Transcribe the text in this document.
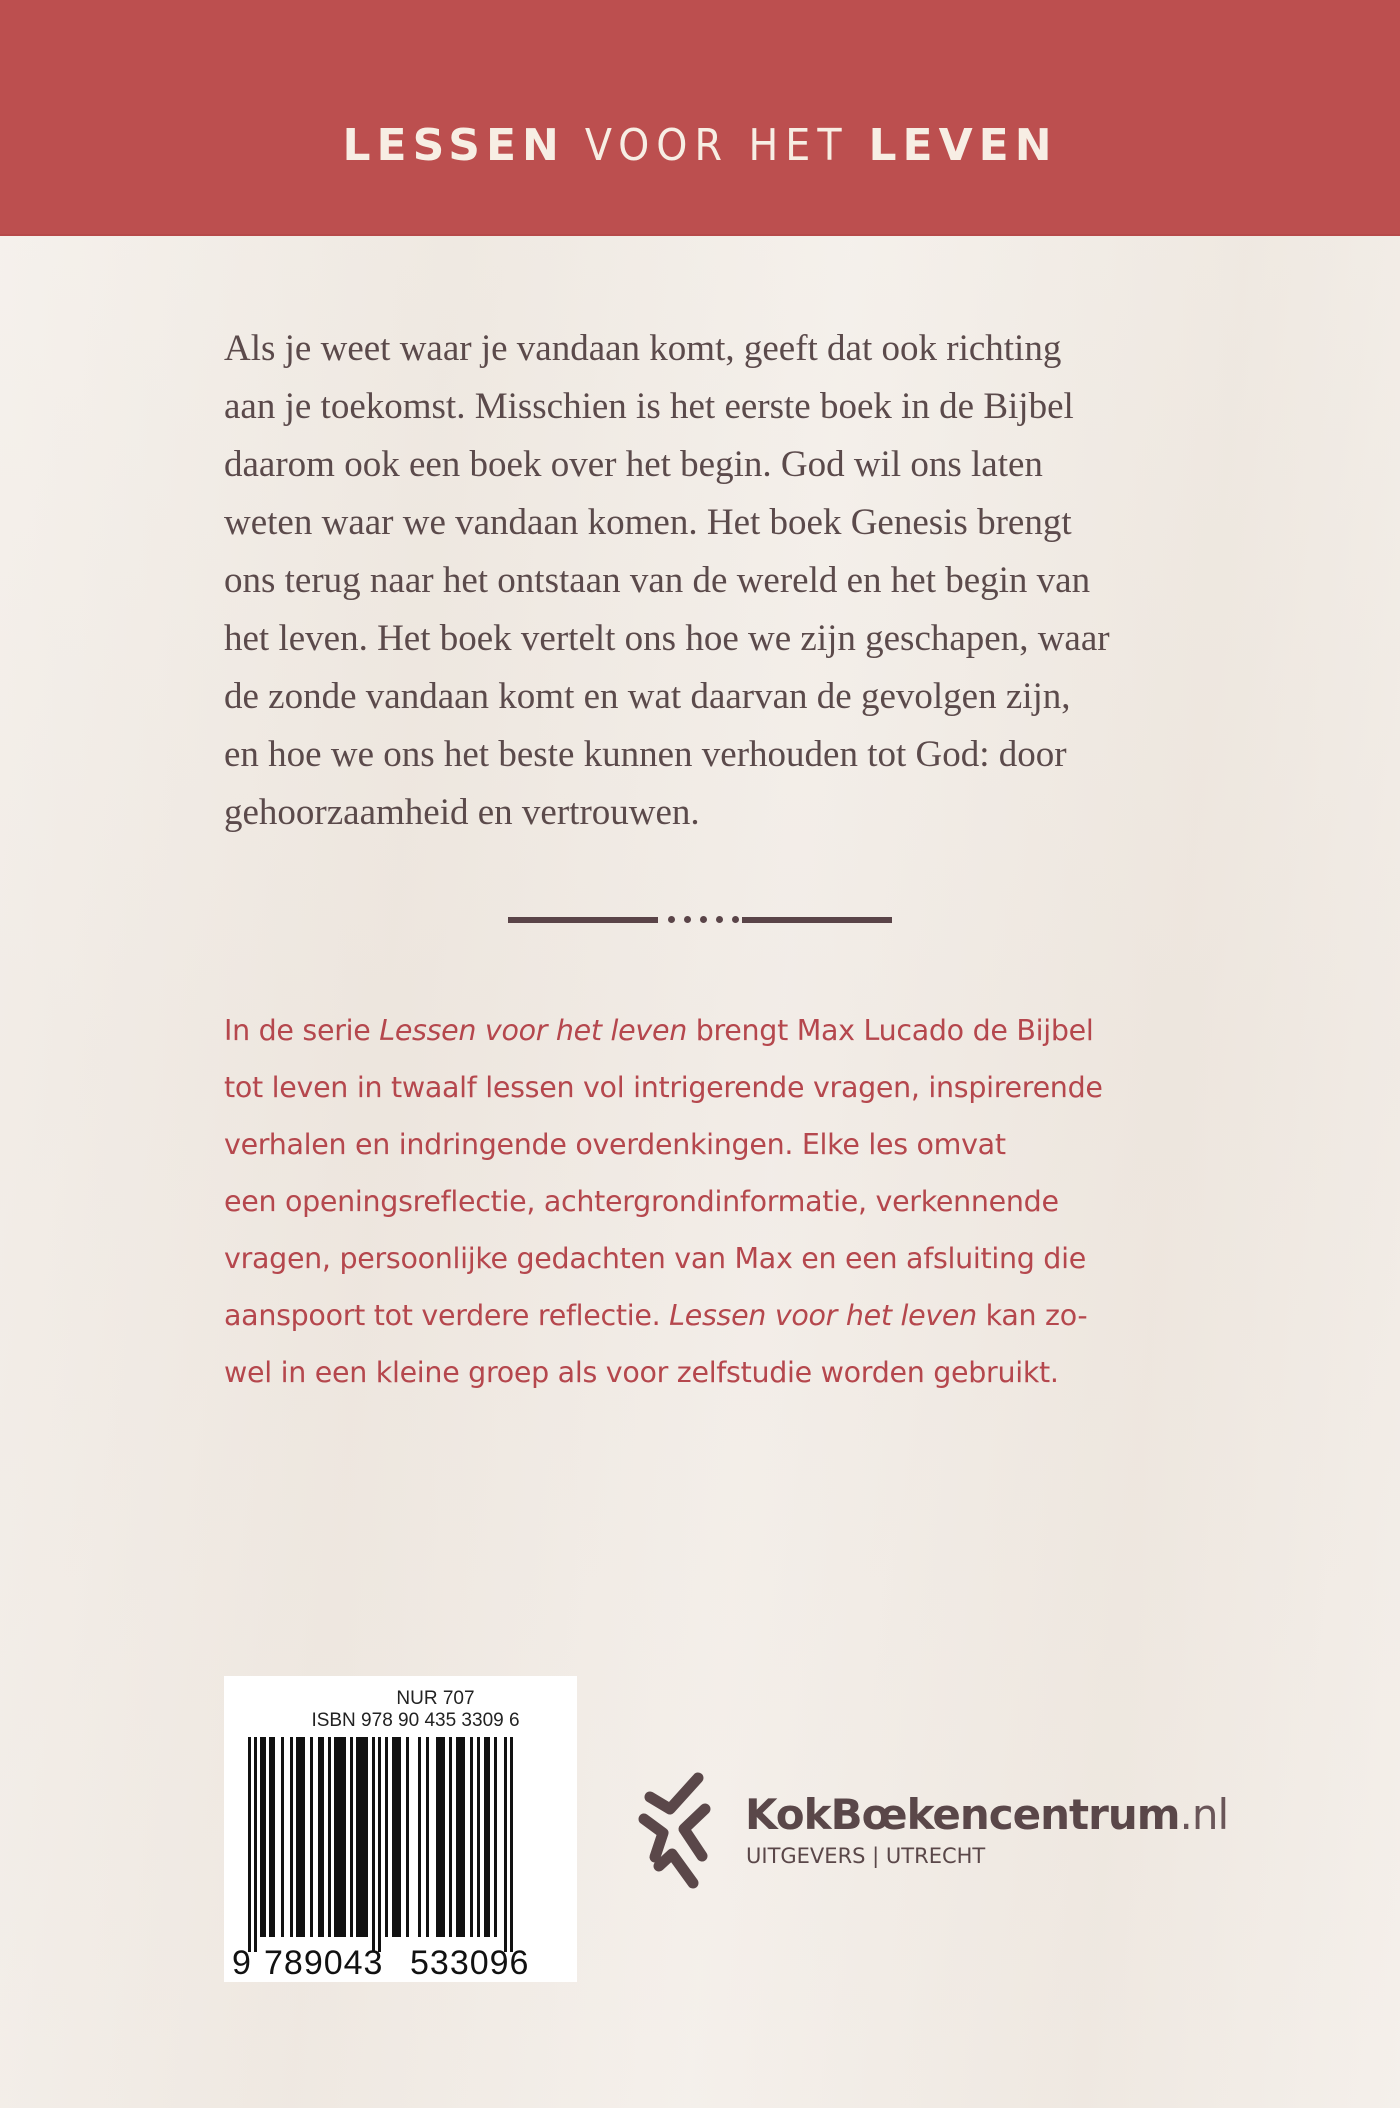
LESSEN VOOR HET LEVEN
Als je weet waar je vandaan komt, geeft dat ook richting
aan je toekomst. Misschien is het eerste boek in de Bijbel
daarom ook een boek over het begin. God wil ons laten
weten waar we vandaan komen. Het boek Genesis brengt
ons terug naar het ontstaan van de wereld en het begin van
het leven. Het boek vertelt ons hoe we zijn geschapen, waar
de zonde vandaan komt en wat daarvan de gevolgen zijn,
en hoe we ons het beste kunnen verhouden tot God: door
gehoorzaamheid en vertrouwen.
In de serie Lessen voor het leven brengt Max Lucado de Bijbel
tot leven in twaalf lessen vol intrigerende vragen, inspirerende
verhalen en indringende overdenkingen. Elke les omvat
een openingsreflectie, achtergrondinformatie, verkennende
vragen, persoonlijke gedachten van Max en een afsluiting die
aanspoort tot verdere reflectie. Lessen voor het leven kan zo-
wel in een kleine groep als voor zelfstudie worden gebruikt.
NUR 707
ISBN 978 90 435 3309 6
9 789043 533096
KokBœkencentrum.nl
UITGEVERS | UTRECHT
